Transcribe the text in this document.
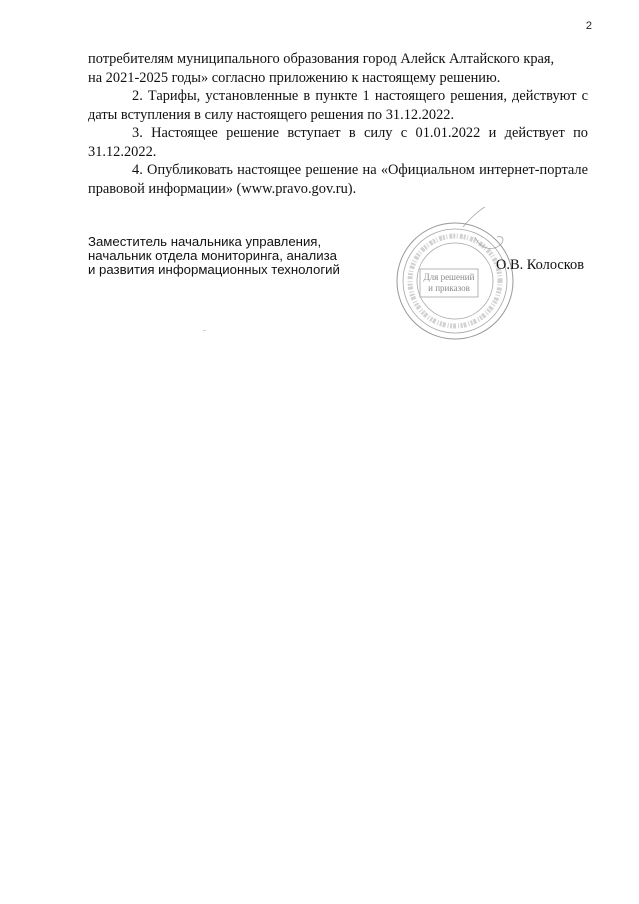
2

потребителям муниципального образования город Алейск Алтайского края,

на 2021-2025 годы» согласно приложению к настоящему решению.

2. Тарифы, установленные в пункте 1 настоящего решения, действуют с даты вступления в силу настоящего решения по 31.12.2022.

3. Настоящее решение вступает в силу с 01.01.2022 и действует по 31.12.2022.

4. Опубликовать настоящее решение на «Официальном интернет-портале правовой информации» (www.pravo.gov.ru).

Заместитель начальника управления,
начальник отдела мониторинга, анализа
и развития информационных технологий	Для решений
и приказов
О.В. Колосков
